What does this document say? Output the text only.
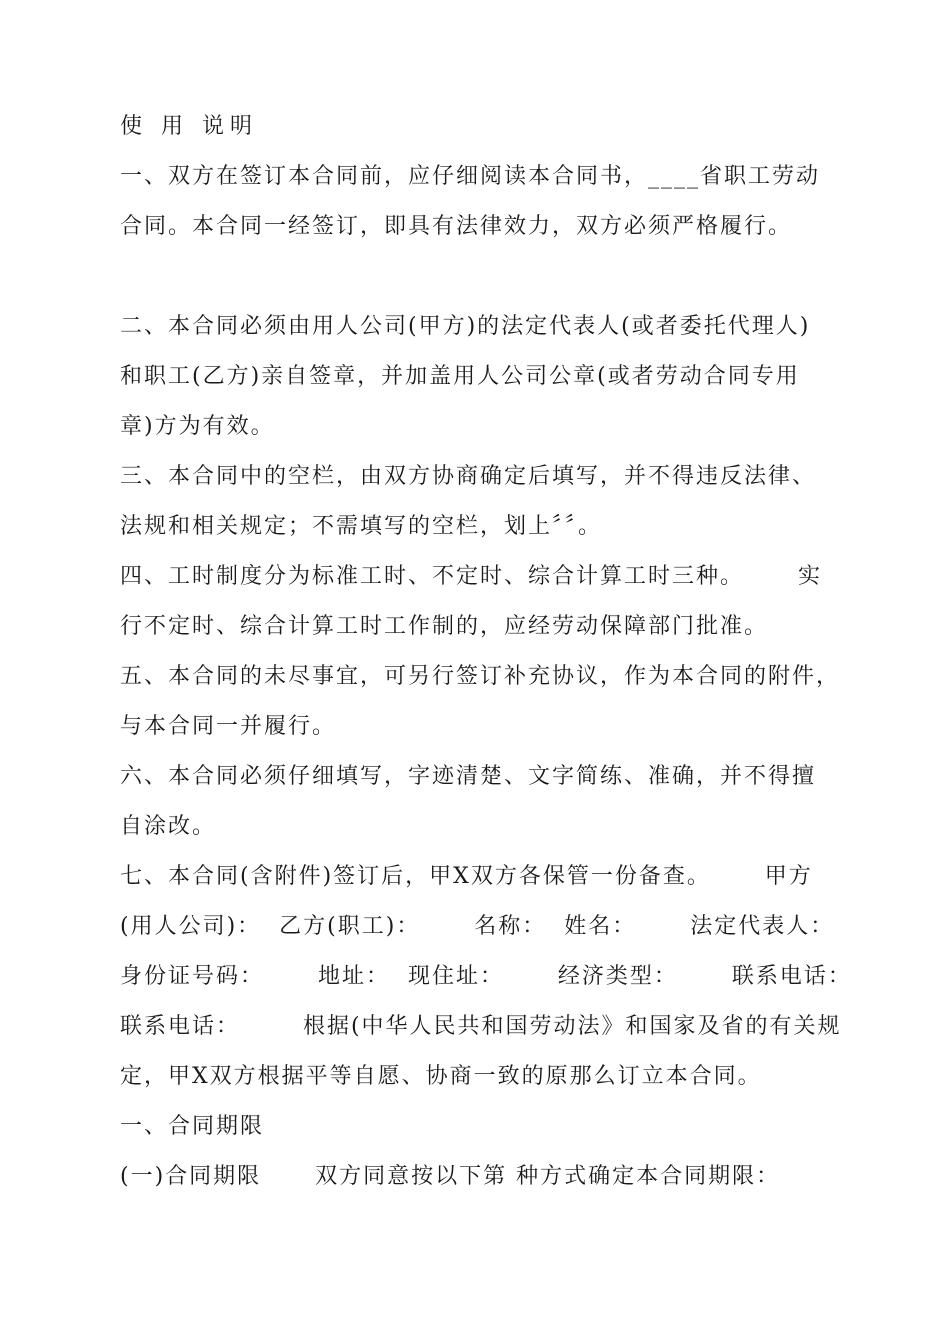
使 用 说明
一、双方在签订本合同前，应仔细阅读本合同书，____省职工劳动
合同。本合同一经签订，即具有法律效力，双方必须严格履行。
二、本合同必须由用人公司(甲方)的法定代表人(或者委托代理人)
和职工(乙方)亲自签章，并加盖用人公司公章(或者劳动合同专用
章)方为有效。
三、本合同中的空栏，由双方协商确定后填写，并不得违反法律、
法规和相关规定；不需填写的空栏，划上〞〞。
四、工时制度分为标准工时、不定时、综合计算工时三种。      实
行不定时、综合计算工时工作制的，应经劳动保障部门批准。
五、本合同的未尽事宜，可另行签订补充协议，作为本合同的附件，
与本合同一并履行。
六、本合同必须仔细填写，字迹清楚、文字简练、准确，并不得擅
自涂改。
七、本合同(含附件)签订后，甲X双方各保管一份备查。      甲方
(用人公司)：  乙方(职工)：      名称：  姓名：      法定代表人：
身份证号码：      地址：  现住址：      经济类型：      联系电话：
联系电话：       根据(中华人民共和国劳动法》和国家及省的有关规
定，甲X双方根据平等自愿、协商一致的原那么订立本合同。
一、合同期限
(一)合同期限      双方同意按以下第 种方式确定本合同期限：
